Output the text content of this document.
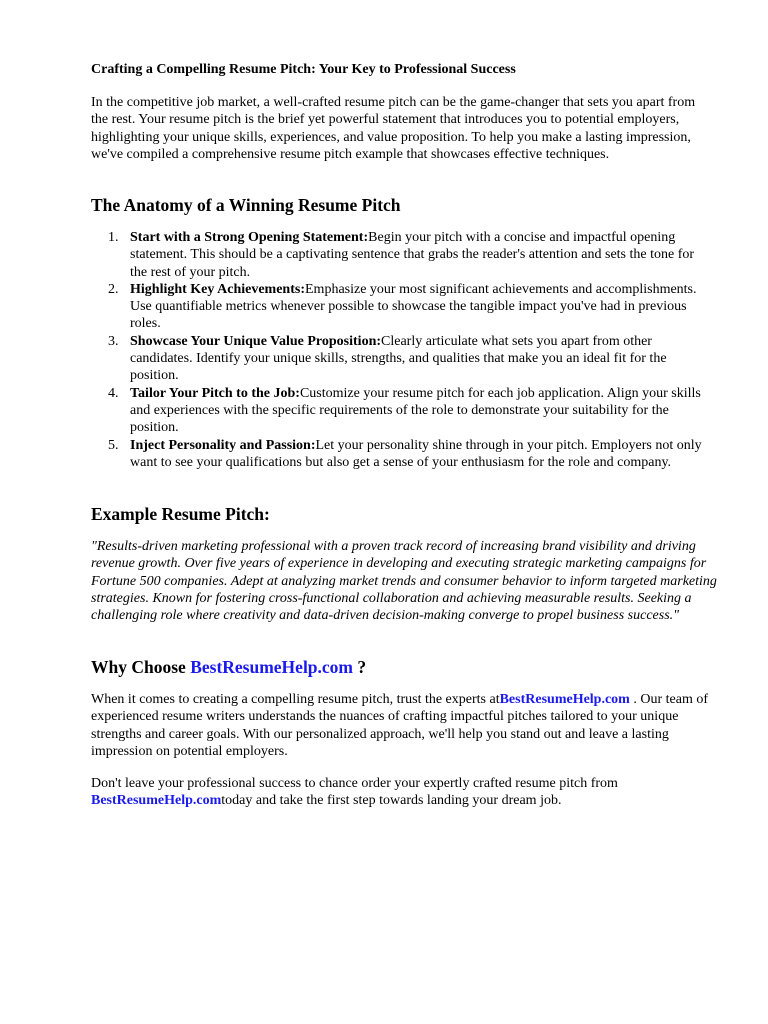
Crafting a Compelling Resume Pitch: Your Key to Professional Success

In the competitive job market, a well-crafted resume pitch can be the game-changer that sets you apart from the rest. Your resume pitch is the brief yet powerful statement that introduces you to potential employers, highlighting your unique skills, experiences, and value proposition. To help you make a lasting impression, we've compiled a comprehensive resume pitch example that showcases effective techniques.

The Anatomy of a Winning Resume Pitch
1. Start with a Strong Opening Statement:Begin your pitch with a concise and impactful opening statement. This should be a captivating sentence that grabs the reader's attention and sets the tone for the rest of your pitch.
2. Highlight Key Achievements:Emphasize your most significant achievements and accomplishments. Use quantifiable metrics whenever possible to showcase the tangible impact you've had in previous roles.
3. Showcase Your Unique Value Proposition:Clearly articulate what sets you apart from other candidates. Identify your unique skills, strengths, and qualities that make you an ideal fit for the position.
4. Tailor Your Pitch to the Job:Customize your resume pitch for each job application. Align your skills and experiences with the specific requirements of the role to demonstrate your suitability for the position.
5. Inject Personality and Passion:Let your personality shine through in your pitch. Employers not only want to see your qualifications but also get a sense of your enthusiasm for the role and company.
Example Resume Pitch:

"Results-driven marketing professional with a proven track record of increasing brand visibility and driving revenue growth. Over five years of experience in developing and executing strategic marketing campaigns for Fortune 500 companies. Adept at analyzing market trends and consumer behavior to inform targeted marketing strategies. Known for fostering cross-functional collaboration and achieving measurable results. Seeking a challenging role where creativity and data-driven decision-making converge to propel business success."

Why Choose BestResumeHelp.com ?

When it comes to creating a compelling resume pitch, trust the experts atBestResumeHelp.com . Our team of experienced resume writers understands the nuances of crafting impactful pitches tailored to your unique strengths and career goals. With our personalized approach, we'll help you stand out and leave a lasting impression on potential employers.

Don't leave your professional success to chance order your expertly crafted resume pitch from BestResumeHelp.comtoday and take the first step towards landing your dream job.
